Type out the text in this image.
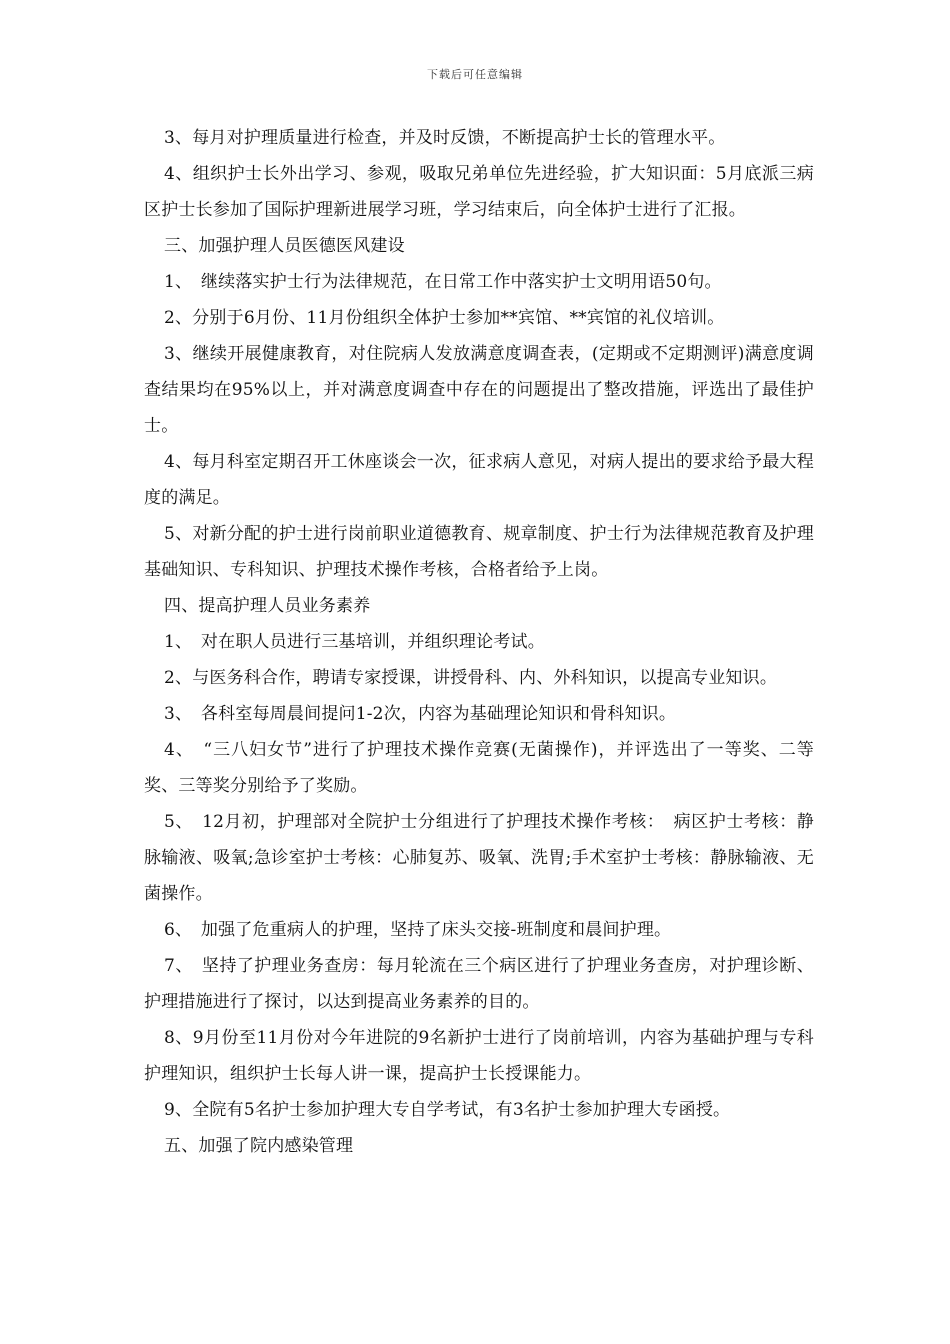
下载后可任意编辑

3、每月对护理质量进行检查，并及时反馈，不断提高护士长的管理水平。

4、组织护士长外出学习、参观，吸取兄弟单位先进经验，扩大知识面：5月底派三病区护士长参加了国际护理新进展学习班，学习结束后，向全体护士进行了汇报。

三、加强护理人员医德医风建设

1、　继续落实护士行为法律规范，在日常工作中落实护士文明用语50句。

2、分别于6月份、11月份组织全体护士参加**宾馆、**宾馆的礼仪培训。

3、继续开展健康教育，对住院病人发放满意度调查表，(定期或不定期测评)满意度调查结果均在95%以上，并对满意度调查中存在的问题提出了整改措施，评选出了最佳护士。

4、每月科室定期召开工休座谈会一次，征求病人意见，对病人提出的要求给予最大程度的满足。

5、对新分配的护士进行岗前职业道德教育、规章制度、护士行为法律规范教育及护理基础知识、专科知识、护理技术操作考核，合格者给予上岗。

四、提高护理人员业务素养

1、　对在职人员进行三基培训，并组织理论考试。

2、与医务科合作，聘请专家授课，讲授骨科、内、外科知识，以提高专业知识。

3、　各科室每周晨间提问1-2次，内容为基础理论知识和骨科知识。

4、　“三八妇女节”进行了护理技术操作竞赛(无菌操作)，并评选出了一等奖、二等奖、三等奖分别给予了奖励。

5、　12月初，护理部对全院护士分组进行了护理技术操作考核：　病区护士考核：静脉输液、吸氧;急诊室护士考核：心肺复苏、吸氧、洗胃;手术室护士考核：静脉输液、无菌操作。

6、　加强了危重病人的护理，坚持了床头交接-班制度和晨间护理。

7、　坚持了护理业务查房：每月轮流在三个病区进行了护理业务查房，对护理诊断、护理措施进行了探讨，以达到提高业务素养的目的。

8、9月份至11月份对今年进院的9名新护士进行了岗前培训，内容为基础护理与专科护理知识，组织护士长每人讲一课，提高护士长授课能力。

9、全院有5名护士参加护理大专自学考试，有3名护士参加护理大专函授。

五、加强了院内感染管理
